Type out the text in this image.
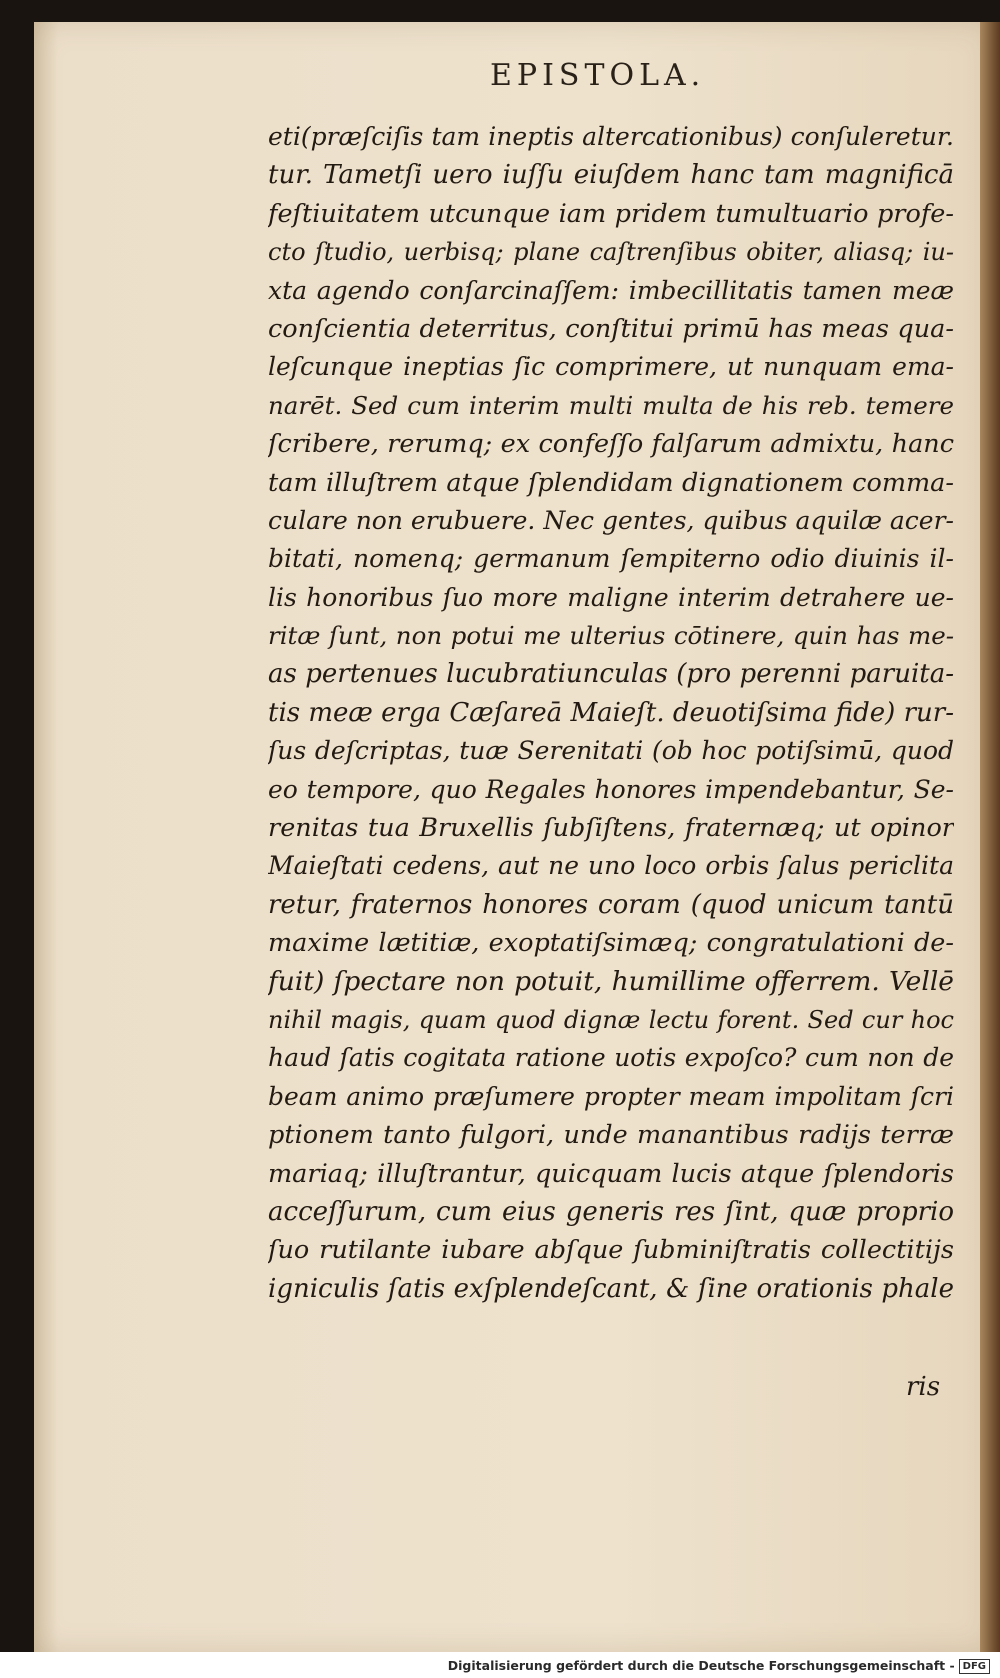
EPISTOLA.
eti(præſciſis tam ineptis altercationibus) conſuleretur.
tur. Tametſi uero iuſſu eiuſdem hanc tam magnificā
feſtiuitatem utcunque iam pridem tumultuario profe-
cto ſtudio, uerbisq; plane caſtrenſibus obiter, aliasq; iu-
xta agendo conſarcinaſſem: imbecillitatis tamen meæ
conſcientia deterritus, conſtitui primū has meas qua-
leſcunque ineptias ſic comprimere, ut nunquam ema-
narēt. Sed cum interim multi multa de his reb. temere
ſcribere, rerumq; ex confeſſo falſarum admixtu, hanc
tam illuſtrem atque ſplendidam dignationem comma-
culare non erubuere. Nec gentes, quibus aquilæ acer-
bitati, nomenq; germanum ſempiterno odio diuinis il-
lis honoribus ſuo more maligne interim detrahere ue-
ritæ ſunt, non potui me ulterius cōtinere, quin has me-
as pertenues lucubratiunculas (pro perenni paruita-
tis meæ erga Cæſareā Maieſt. deuotiſsima fide) rur-
ſus deſcriptas, tuæ Serenitati (ob hoc potiſsimū, quod
eo tempore, quo Regales honores impendebantur, Se-
renitas tua Bruxellis ſubſiſtens, fraternæq; ut opinor
Maieſtati cedens, aut ne uno loco orbis ſalus periclita
retur, fraternos honores coram (quod unicum tantū
maxime lætitiæ, exoptatiſsimæq; congratulationi de-
fuit) ſpectare non potuit, humillime offerrem. Vellē
nihil magis, quam quod dignæ lectu forent. Sed cur hoc
haud ſatis cogitata ratione uotis expoſco? cum non de
beam animo præſumere propter meam impolitam ſcri
ptionem tanto fulgori, unde manantibus radijs terræ
mariaq; illuſtrantur, quicquam lucis atque ſplendoris
acceſſurum, cum eius generis res ſint, quæ proprio
ſuo rutilante iubare abſque ſubminiſtratis collectitijs
igniculis ſatis exſplendeſcant, & ſine orationis phale
ris
Digitalisierung gefördert durch die Deutsche Forschungsgemeinschaft - DFG
